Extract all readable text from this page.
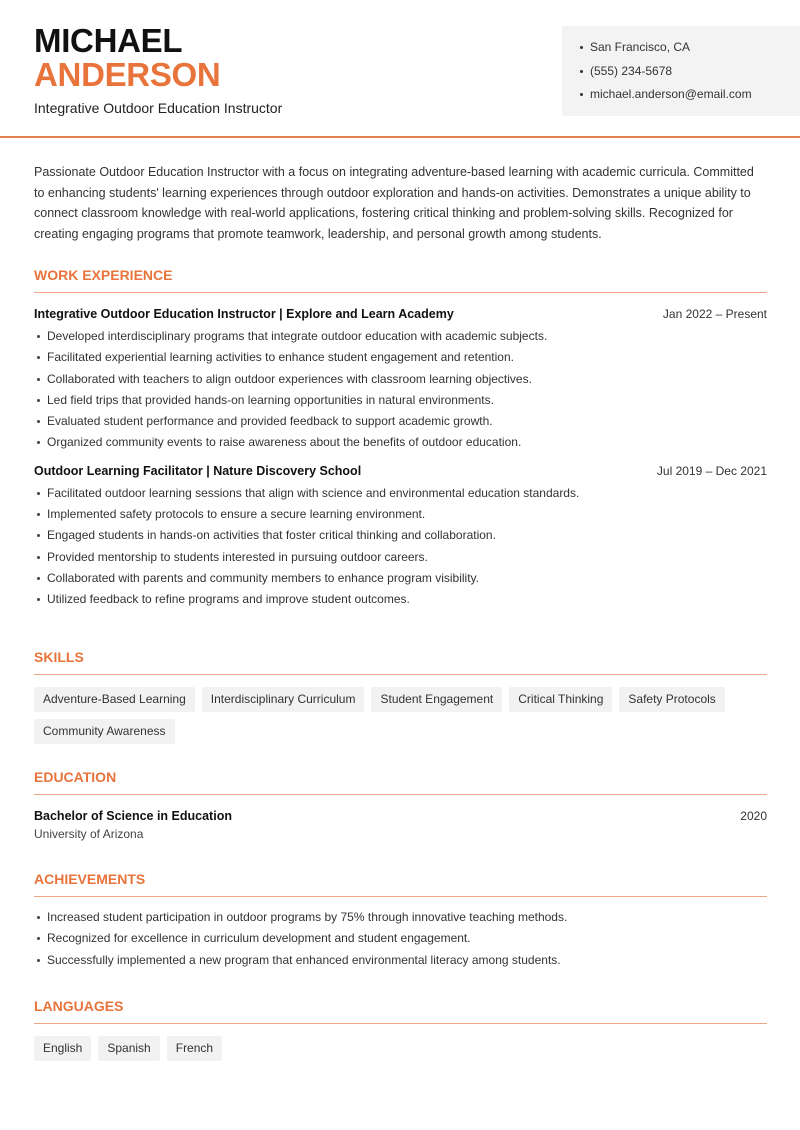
MICHAEL
ANDERSON
Integrative Outdoor Education Instructor
San Francisco, CA
(555) 234-5678
michael.anderson@email.com

Passionate Outdoor Education Instructor with a focus on integrating adventure-based learning with academic curricula. Committed to enhancing students' learning experiences through outdoor exploration and hands-on activities. Demonstrates a unique ability to connect classroom knowledge with real-world applications, fostering critical thinking and problem-solving skills. Recognized for creating engaging programs that promote teamwork, leadership, and personal growth among students.

WORK EXPERIENCE
Integrative Outdoor Education Instructor | Explore and Learn Academy	Jan 2022 – Present
Developed interdisciplinary programs that integrate outdoor education with academic subjects.
Facilitated experiential learning activities to enhance student engagement and retention.
Collaborated with teachers to align outdoor experiences with classroom learning objectives.
Led field trips that provided hands-on learning opportunities in natural environments.
Evaluated student performance and provided feedback to support academic growth.
Organized community events to raise awareness about the benefits of outdoor education.
Outdoor Learning Facilitator | Nature Discovery School	Jul 2019 – Dec 2021
Facilitated outdoor learning sessions that align with science and environmental education standards.
Implemented safety protocols to ensure a secure learning environment.
Engaged students in hands-on activities that foster critical thinking and collaboration.
Provided mentorship to students interested in pursuing outdoor careers.
Collaborated with parents and community members to enhance program visibility.
Utilized feedback to refine programs and improve student outcomes.
SKILLS
Adventure-Based Learning	Interdisciplinary Curriculum	Student Engagement	Critical Thinking	Safety Protocols
Community Awareness
EDUCATION
Bachelor of Science in Education	2020
University of Arizona
ACHIEVEMENTS
Increased student participation in outdoor programs by 75% through innovative teaching methods.
Recognized for excellence in curriculum development and student engagement.
Successfully implemented a new program that enhanced environmental literacy among students.
LANGUAGES
English	Spanish	French
